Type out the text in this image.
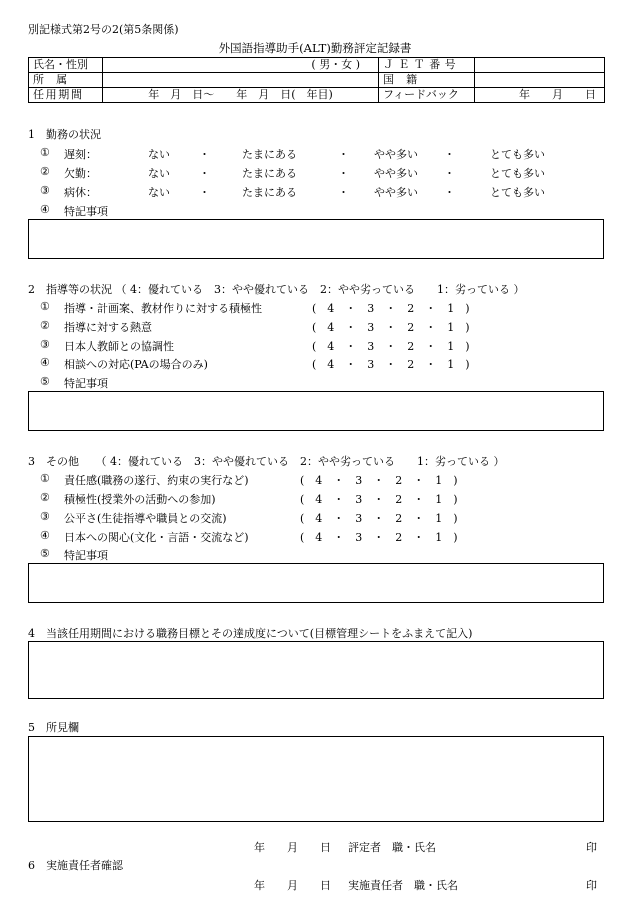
別記様式第2号の2(第5条関係)
外国語指導助手(ALT)勤務評定記録書
氏名・性別	( 男・女 )	ＪＥＴ番号	
所属		国籍	
任用期間	年　月　日〜　　年　月　日(　年目)	フィードバック	年　　月　　日
1　勤務の状況
① 遅刻：	ない	・	たまにある	・ やや多い ・	とても多い
② 欠勤：	ない	・	たまにある	・ やや多い ・	とても多い
③ 病休：	ない	・	たまにある	・ やや多い ・	とても多い
④ 特記事項
2　指導等の状況 （ 4：優れている　3：やや優れている　2：やや劣っている　　1：劣っている ）
① 指導・計画案、教材作りに対する積極性	(　4　・　3　・　2　・　1　)
② 指導に対する熱意	(　4　・　3　・　2　・　1　)
③ 日本人教師との協調性	(　4　・　3　・　2　・　1　)
④ 相談への対応(PAの場合のみ)	(　4　・　3　・　2　・　1　)
⑤ 特記事項
3　その他　　（ 4：優れている　3：やや優れている　2：やや劣っている　　1：劣っている ）
① 責任感(職務の遂行、約束の実行など)	(　4　・　3　・　2　・　1　)
② 積極性(授業外の活動への参加)	(　4　・　3　・　2　・　1　)
③ 公平さ(生徒指導や職員との交流)	(　4　・　3　・　2　・　1　)
④ 日本への関心(文化・言語・交流など)	(　4　・　3　・　2　・　1　)
⑤ 特記事項
4　当該任用期間における職務目標とその達成度について(目標管理シートをふまえて記入)
5　所見欄
年　　月　　日 評定者　職・氏名	印
6　実施責任者確認
年　　月　　日 実施責任者　職・氏名	印
